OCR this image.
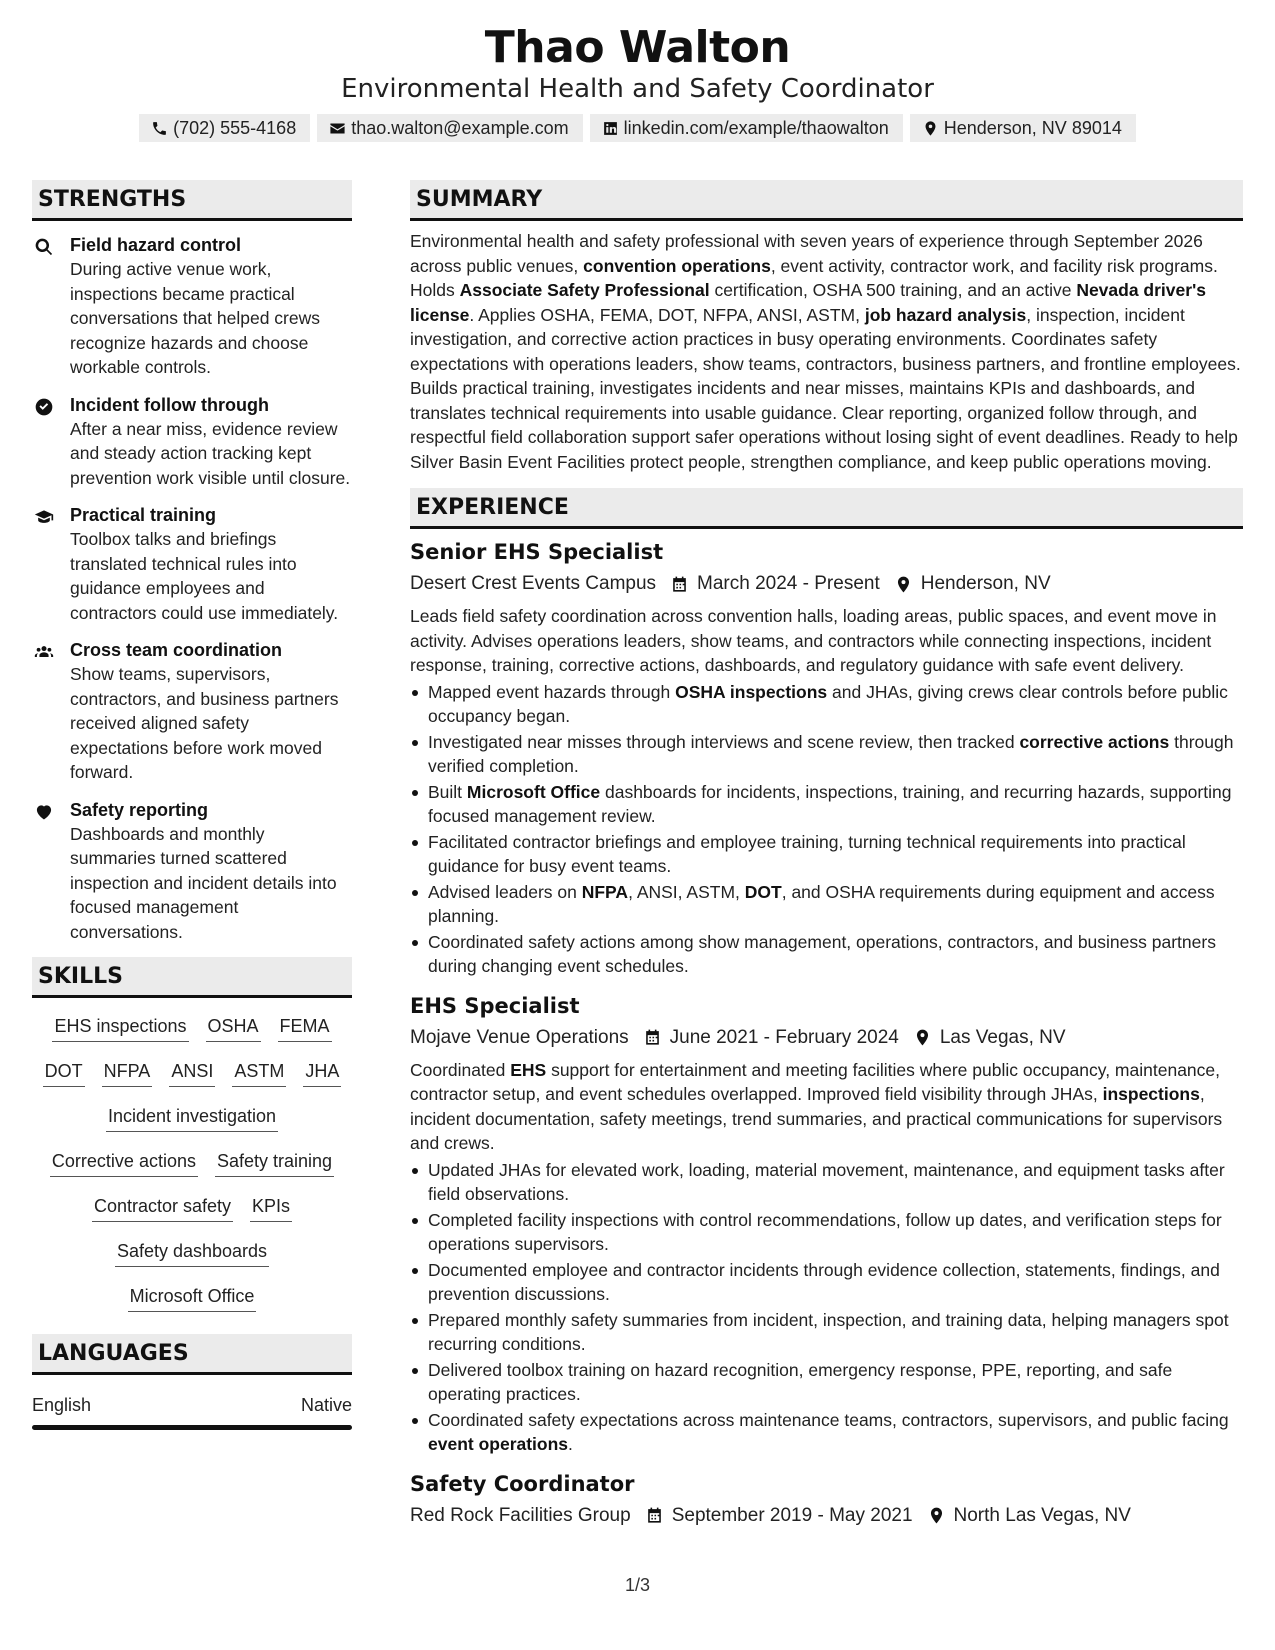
Thao Walton
Environmental Health and Safety Coordinator
(702) 555-4168	thao.walton@example.com	linkedin.com/example/thaowalton	Henderson, NV 89014
STRENGTHS
Field hazard control
During active venue work, inspections became practical conversations that helped crews recognize hazards and choose workable controls.
Incident follow through
After a near miss, evidence review and steady action tracking kept prevention work visible until closure.
Practical training
Toolbox talks and briefings translated technical rules into guidance employees and contractors could use immediately.
Cross team coordination
Show teams, supervisors, contractors, and business partners received aligned safety expectations before work moved forward.
Safety reporting
Dashboards and monthly summaries turned scattered inspection and incident details into focused management conversations.
SKILLS
EHS inspections OSHA FEMA
DOT NFPA ANSI ASTM JHA
Incident investigation
Corrective actions Safety training
Contractor safety KPIs
Safety dashboards
Microsoft Office
LANGUAGES
English	Native
SUMMARY
Environmental health and safety professional with seven years of experience through September 2026 across public venues, convention operations, event activity, contractor work, and facility risk programs. Holds Associate Safety Professional certification, OSHA 500 training, and an active Nevada driver's license. Applies OSHA, FEMA, DOT, NFPA, ANSI, ASTM, job hazard analysis, inspection, incident investigation, and corrective action practices in busy operating environments. Coordinates safety expectations with operations leaders, show teams, contractors, business partners, and frontline employees. Builds practical training, investigates incidents and near misses, maintains KPIs and dashboards, and translates technical requirements into usable guidance. Clear reporting, organized follow through, and respectful field collaboration support safer operations without losing sight of event deadlines. Ready to help Silver Basin Event Facilities protect people, strengthen compliance, and keep public operations moving.
EXPERIENCE
Senior EHS Specialist
Desert Crest Events Campus March 2024 - Present Henderson, NV
Leads field safety coordination across convention halls, loading areas, public spaces, and event move in activity. Advises operations leaders, show teams, and contractors while connecting inspections, incident response, training, corrective actions, dashboards, and regulatory guidance with safe event delivery.
Mapped event hazards through OSHA inspections and JHAs, giving crews clear controls before public occupancy began.
Investigated near misses through interviews and scene review, then tracked corrective actions through verified completion.
Built Microsoft Office dashboards for incidents, inspections, training, and recurring hazards, supporting focused management review.
Facilitated contractor briefings and employee training, turning technical requirements into practical guidance for busy event teams.
Advised leaders on NFPA, ANSI, ASTM, DOT, and OSHA requirements during equipment and access planning.
Coordinated safety actions among show management, operations, contractors, and business partners during changing event schedules.
EHS Specialist
Mojave Venue Operations June 2021 - February 2024 Las Vegas, NV
Coordinated EHS support for entertainment and meeting facilities where public occupancy, maintenance, contractor setup, and event schedules overlapped. Improved field visibility through JHAs, inspections, incident documentation, safety meetings, trend summaries, and practical communications for supervisors and crews.
Updated JHAs for elevated work, loading, material movement, maintenance, and equipment tasks after field observations.
Completed facility inspections with control recommendations, follow up dates, and verification steps for operations supervisors.
Documented employee and contractor incidents through evidence collection, statements, findings, and prevention discussions.
Prepared monthly safety summaries from incident, inspection, and training data, helping managers spot recurring conditions.
Delivered toolbox training on hazard recognition, emergency response, PPE, reporting, and safe operating practices.
Coordinated safety expectations across maintenance teams, contractors, supervisors, and public facing event operations.
Safety Coordinator
Red Rock Facilities Group September 2019 - May 2021 North Las Vegas, NV
1/3
